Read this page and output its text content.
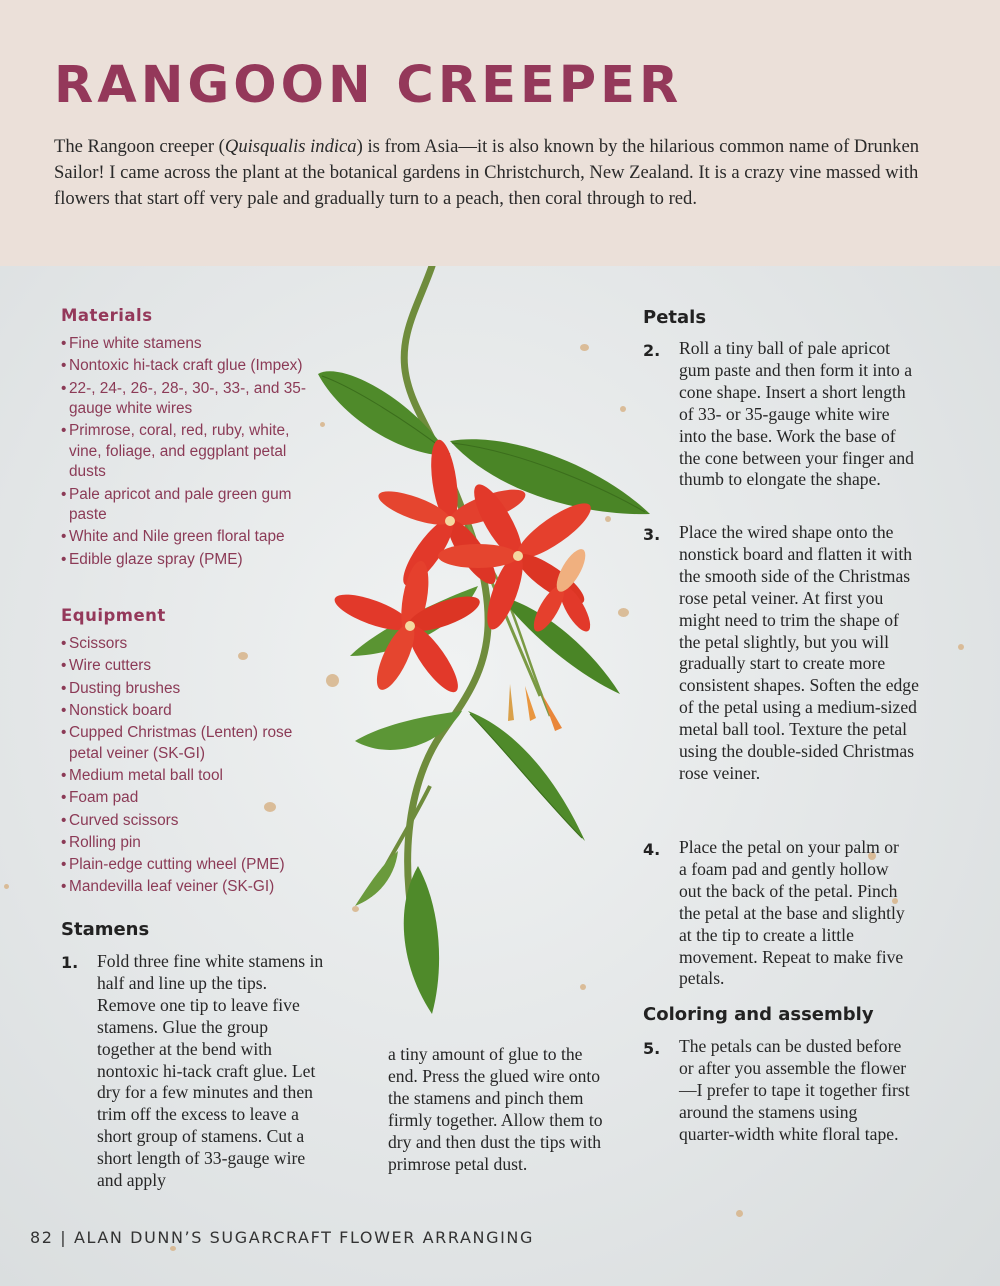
RANGOON CREEPER

The Rangoon creeper (Quisqualis indica) is from Asia—it is also known by the hilarious common name of Drunken Sailor! I came across the plant at the botanical gardens in Christchurch, New Zealand. It is a crazy vine massed with flowers that start off very pale and gradually turn to a peach, then coral through to red.

Materials
• Fine white stamens
• Nontoxic hi-tack craft glue (Impex)
• 22-, 24-, 26-, 28-, 30-, 33-, and 35-gauge white wires
• Primrose, coral, red, ruby, white, vine, foliage, and eggplant petal dusts
• Pale apricot and pale green gum paste
• White and Nile green floral tape
• Edible glaze spray (PME)
Equipment
• Scissors
• Wire cutters
• Dusting brushes
• Nonstick board
• Cupped Christmas (Lenten) rose petal veiner (SK-GI)
• Medium metal ball tool
• Foam pad
• Curved scissors
• Rolling pin
• Plain-edge cutting wheel (PME)
• Mandevilla leaf veiner (SK-GI)
Stamens
1. Fold three fine white stamens in half and line up the tips. Remove one tip to leave five stamens. Glue the group together at the bend with nontoxic hi-tack craft glue. Let dry for a few minutes and then trim off the excess to leave a short group of stamens. Cut a short length of 33-gauge wire and apply

a tiny amount of glue to the end. Press the glued wire onto the stamens and pinch them firmly together. Allow them to dry and then dust the tips with primrose petal dust.

Petals
2. Roll a tiny ball of pale apricot gum paste and then form it into a cone shape. Insert a short length of 33- or 35-gauge white wire into the base. Work the base of the cone between your finger and thumb to elongate the shape.

3. Place the wired shape onto the nonstick board and flatten it with the smooth side of the Christmas rose petal veiner. At first you might need to trim the shape of the petal slightly, but you will gradually start to create more consistent shapes. Soften the edge of the petal using a medium-sized metal ball tool. Texture the petal using the double-sided Christmas rose veiner.

4. Place the petal on your palm or a foam pad and gently hollow out the back of the petal. Pinch the petal at the base and slightly at the tip to create a little movement. Repeat to make five petals.

Coloring and assembly
5. The petals can be dusted before or after you assemble the flower—I prefer to tape it together first around the stamens using quarter-width white floral tape.

82 | ALAN DUNN’S SUGARCRAFT FLOWER ARRANGING
